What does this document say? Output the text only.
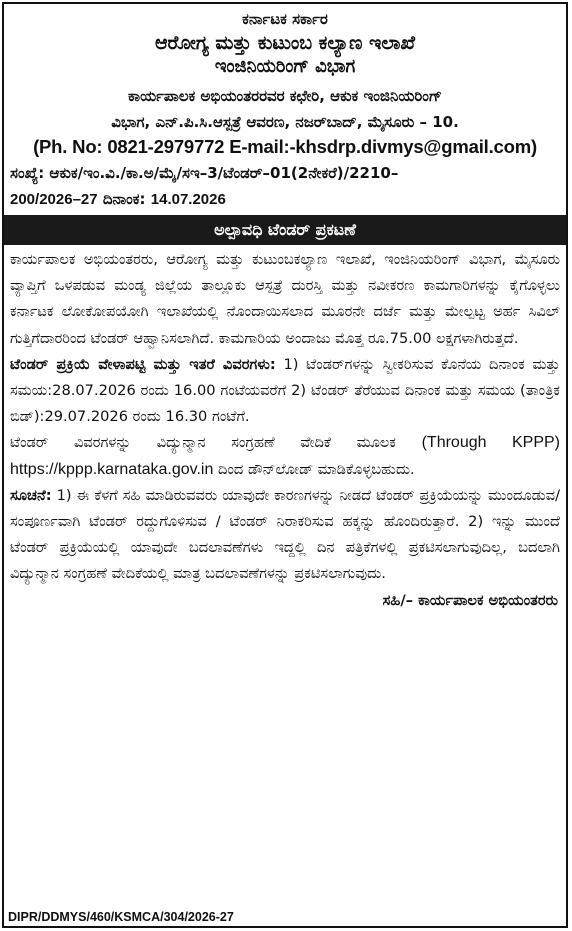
ಕರ್ನಾಟಕ ಸರ್ಕಾರ
ಆರೋಗ್ಯ ಮತ್ತು ಕುಟುಂಬ ಕಲ್ಯಾಣ ಇಲಾಖೆ
ಇಂಜಿನಿಯರಿಂಗ್ ವಿಭಾಗ
ಕಾರ್ಯಪಾಲಕ ಅಭಿಯಂತರರವರ ಕಛೇರಿ, ಆಕುಕ ಇಂಜಿನಿಯರಿಂಗ್
ವಿಭಾಗ, ಎನ್.ಪಿ.ಸಿ.ಆಸ್ಪತ್ರೆ ಆವರಣ, ನಜರ್‌ಬಾದ್, ಮೈಸೂರು – 10.
(Ph. No: 0821-2979772 E-mail:-khsdrp.divmys@gmail.com)
ಸಂಖ್ಯೆ: ಆಕುಕ/ಇಂ.ವಿ./ಕಾ.ಅ/ಮೈ/ಸಇ–3/ಟೆಂಡರ್–01(2ನೇಕರೆ)/2210–
200/2026–27 ದಿನಾಂಕ: 14.07.2026
ಅಲ್ಪಾವಧಿ ಟೆಂಡರ್ ಪ್ರಕಟಣೆ

ಕಾರ್ಯಪಾಲಕ ಅಭಿಯಂತರರು, ಆರೋಗ್ಯ ಮತ್ತು ಕುಟುಂಬಕಲ್ಯಾಣ ಇಲಾಖೆ, ಇಂಜಿನಿಯರಿಂಗ್ ವಿಭಾಗ, ಮೈಸೂರು ವ್ಯಾಪ್ತಿಗೆ ಒಳಪಡುವ ಮಂಡ್ಯ ಜಿಲ್ಲೆಯ ತಾಲ್ಲೂಕು ಆಸ್ಪತ್ರೆ ದುರಸ್ತಿ ಮತ್ತು ನವೀಕರಣ ಕಾಮಗಾರಿಗಳನ್ನು ಕೈಗೊಳ್ಳಲು ಕರ್ನಾಟಕ ಲೋಕೋಪಯೋಗಿ ಇಲಾಖೆಯಲ್ಲಿ ನೊಂದಾಯಿಸಲಾದ ಮೂರನೇ ದರ್ಜೆ ಮತ್ತು ಮೇಲ್ಪಟ್ಟ ಅರ್ಹ ಸಿವಿಲ್ ಗುತ್ತಿಗೆದಾರರಿಂದ ಟೆಂಡರ್ ಆಹ್ವಾನಿಸಲಾಗಿದೆ. ಕಾಮಗಾರಿಯ ಅಂದಾಜು ಮೊತ್ತ ರೂ.75.00 ಲಕ್ಷಗಳಾಗಿರುತ್ತದೆ.

ಟೆಂಡರ್ ಪ್ರಕ್ರಿಯೆ ವೇಳಾಪಟ್ಟಿ ಮತ್ತು ಇತರೆ ವಿವರಗಳು: 1) ಟೆಂಡರ್‌ಗಳನ್ನು ಸ್ವೀಕರಿಸುವ ಕೊನೆಯ ದಿನಾಂಕ ಮತ್ತು ಸಮಯ:28.07.2026 ರಂದು 16.00 ಗಂಟೆಯವರೆಗೆ 2) ಟೆಂಡರ್ ತೆರೆಯುವ ದಿನಾಂಕ ಮತ್ತು ಸಮಯ (ತಾಂತ್ರಿಕ ಬಿಡ್):29.07.2026 ರಂದು 16.30 ಗಂಟೆಗೆ.

ಟೆಂಡರ್ ವಿವರಗಳನ್ನು ವಿದ್ಯುನ್ಮಾನ ಸಂಗ್ರಹಣೆ ವೇದಿಕೆ ಮೂಲಕ (Through KPPP) https://kppp.karnataka.gov.in ದಿಂದ ಡೌನ್‌ಲೋಡ್ ಮಾಡಿಕೊಳ್ಳಬಹುದು.

ಸೂಚನೆ: 1) ಈ ಕೆಳಗೆ ಸಹಿ ಮಾಡಿರುವವರು ಯಾವುದೇ ಕಾರಣಗಳನ್ನು ನೀಡದೆ ಟೆಂಡರ್ ಪ್ರಕ್ರಿಯೆಯನ್ನು ಮುಂದೂಡುವ/ ಸಂಪೂರ್ಣವಾಗಿ ಟೆಂಡರ್ ರದ್ದುಗೊಳಿಸುವ / ಟೆಂಡರ್ ನಿರಾಕರಿಸುವ ಹಕ್ಕನ್ನು ಹೊಂದಿರುತ್ತಾರೆ. 2) ಇನ್ನು ಮುಂದೆ ಟೆಂಡರ್ ಪ್ರಕ್ರಿಯೆಯಲ್ಲಿ ಯಾವುದೇ ಬದಲಾವಣೆಗಳು ಇದ್ದಲ್ಲಿ ದಿನ ಪತ್ರಿಕೆಗಳಲ್ಲಿ ಪ್ರಕಟಿಸಲಾಗುವುದಿಲ್ಲ, ಬದಲಾಗಿ ವಿದ್ಯುನ್ಮಾನ ಸಂಗ್ರಹಣೆ ವೇದಿಕೆಯಲ್ಲಿ ಮಾತ್ರ ಬದಲಾವಣೆಗಳನ್ನು ಪ್ರಕಟಿಸಲಾಗುವುದು.

ಸಹಿ/– ಕಾರ್ಯಪಾಲಕ ಅಭಿಯಂತರರು
DIPR/DDMYS/460/KSMCA/304/2026-27
